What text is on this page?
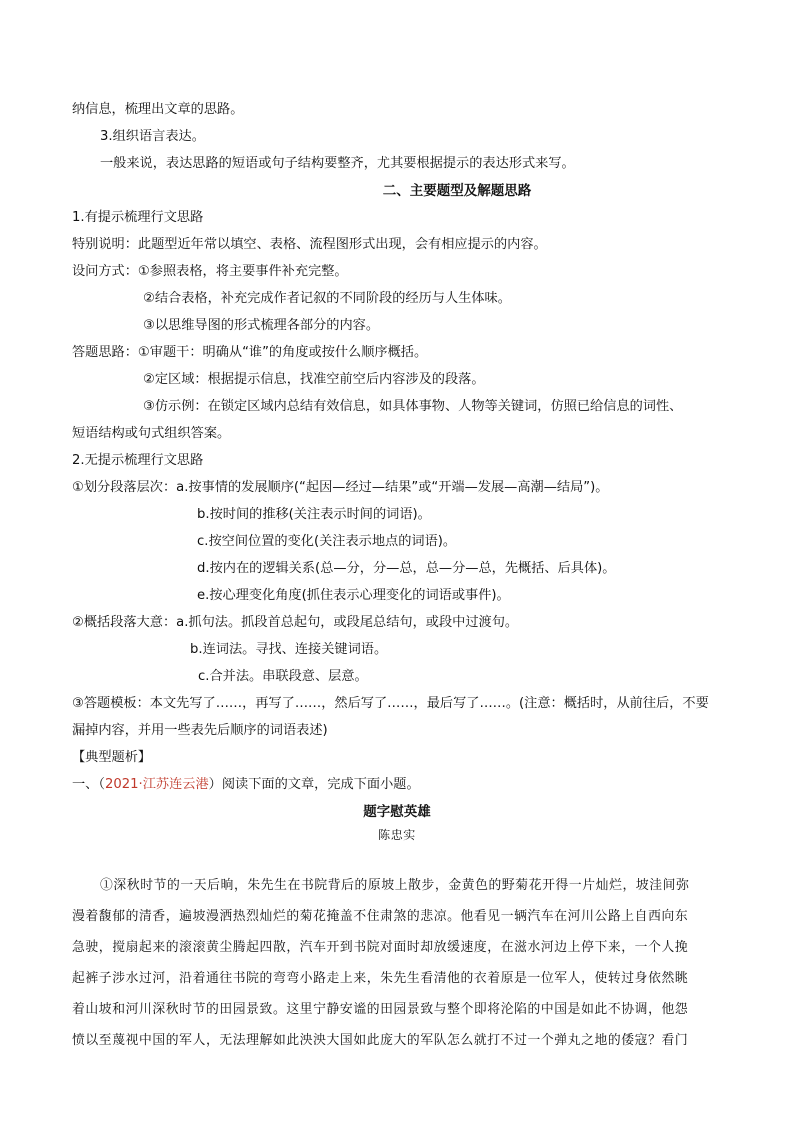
纳信息，梳理出文章的思路。
3.组织语言表达。
一般来说，表达思路的短语或句子结构要整齐，尤其要根据提示的表达形式来写。
二、主要题型及解题思路
1.有提示梳理行文思路
特别说明：此题型近年常以填空、表格、流程图形式出现，会有相应提示的内容。
设问方式：①参照表格，将主要事件补充完整。
②结合表格，补充完成作者记叙的不同阶段的经历与人生体味。
③以思维导图的形式梳理各部分的内容。
答题思路：①审题干：明确从“谁”的角度或按什么顺序概括。
②定区域：根据提示信息，找准空前空后内容涉及的段落。
③仿示例：在锁定区域内总结有效信息，如具体事物、人物等关键词，仿照已给信息的词性、
短语结构或句式组织答案。
2.无提示梳理行文思路
①划分段落层次：a.按事情的发展顺序(“起因—经过—结果”或“开端—发展—高潮—结局”)。
b.按时间的推移(关注表示时间的词语)。
c.按空间位置的变化(关注表示地点的词语)。
d.按内在的逻辑关系(总—分，分—总，总—分—总，先概括、后具体)。
e.按心理变化角度(抓住表示心理变化的词语或事件)。
②概括段落大意：a.抓句法。抓段首总起句，或段尾总结句，或段中过渡句。
b.连词法。寻找、连接关键词语。
c.合并法。串联段意、层意。
③答题模板：本文先写了……，再写了……，然后写了……，最后写了……。(注意：概括时，从前往后，不要
漏掉内容，并用一些表先后顺序的词语表述)
【典型题析】
一、（2021·江苏连云港）阅读下面的文章，完成下面小题。
题字慰英雄
陈忠实
①深秋时节的一天后晌，朱先生在书院背后的原坡上散步，金黄色的野菊花开得一片灿烂，坡洼间弥
漫着馥郁的清香，遍坡漫洒热烈灿烂的菊花掩盖不住肃煞的悲凉。他看见一辆汽车在河川公路上自西向东
急驶，搅扇起来的滚滚黄尘腾起四散，汽车开到书院对面时却放缓速度，在滋水河边上停下来，一个人挽
起裤子涉水过河，沿着通往书院的弯弯小路走上来，朱先生看清他的衣着原是一位军人，使转过身依然眺
着山坡和河川深秋时节的田园景致。这里宁静安谧的田园景致与整个即将沦陷的中国是如此不协调，他怨
愤以至蔑视中国的军人，无法理解如此泱泱大国如此庞大的军队怎么就打不过一个弹丸之地的倭寇？看门
